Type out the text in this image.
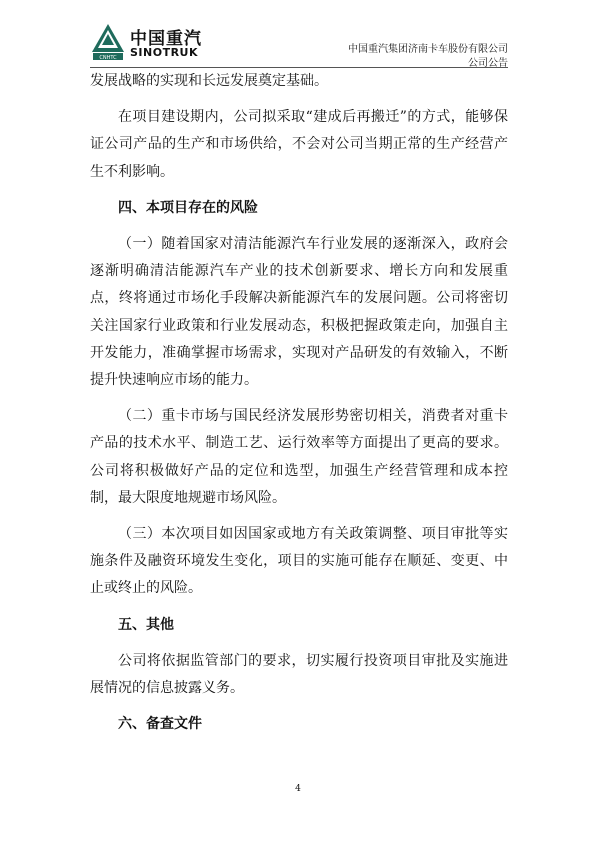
CNHTC
中国重汽
SINOTRUK	中国重汽集团济南卡车股份有限公司
公司公告

发展战略的实现和长远发展奠定基础。

在项目建设期内，公司拟采取“建成后再搬迁”的方式，能够保证公司产品的生产和市场供给，不会对公司当期正常的生产经营产生不利影响。

四、本项目存在的风险

（一）随着国家对清洁能源汽车行业发展的逐渐深入，政府会逐渐明确清洁能源汽车产业的技术创新要求、增长方向和发展重点，终将通过市场化手段解决新能源汽车的发展问题。公司将密切关注国家行业政策和行业发展动态，积极把握政策走向，加强自主开发能力，准确掌握市场需求，实现对产品研发的有效输入，不断提升快速响应市场的能力。

（二）重卡市场与国民经济发展形势密切相关，消费者对重卡产品的技术水平、制造工艺、运行效率等方面提出了更高的要求。公司将积极做好产品的定位和选型，加强生产经营管理和成本控制，最大限度地规避市场风险。

（三）本次项目如因国家或地方有关政策调整、项目审批等实施条件及融资环境发生变化，项目的实施可能存在顺延、变更、中止或终止的风险。

五、其他

公司将依据监管部门的要求，切实履行投资项目审批及实施进展情况的信息披露义务。

六、备查文件
4
